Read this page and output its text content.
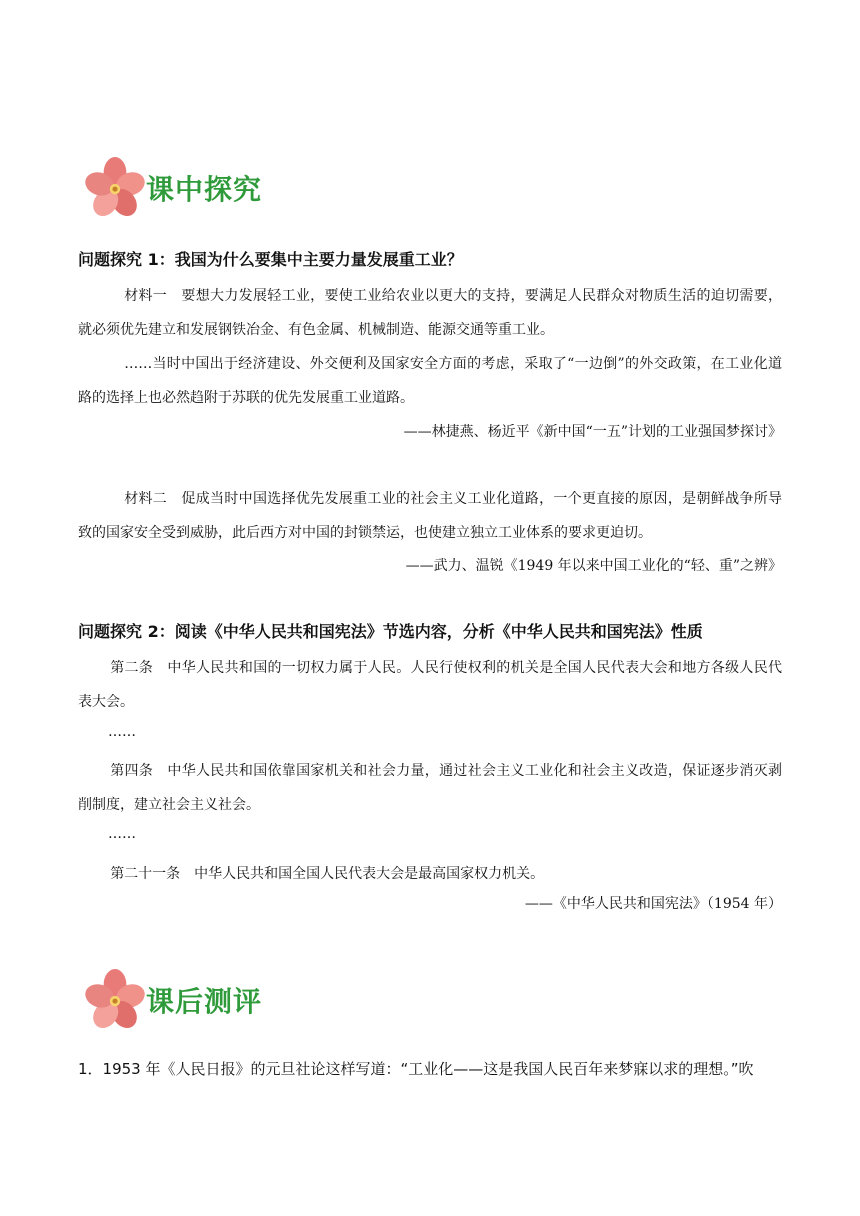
课中探究
问题探究 1：我国为什么要集中主要力量发展重工业？

材料一　要想大力发展轻工业，要使工业给农业以更大的支持，要满足人民群众对物质生活的迫切需要，就必须优先建立和发展钢铁冶金、有色金属、机械制造、能源交通等重工业。

……当时中国出于经济建设、外交便利及国家安全方面的考虑，采取了“一边倒”的外交政策，在工业化道路的选择上也必然趋附于苏联的优先发展重工业道路。

——林捷燕、杨近平《新中国“一五”计划的工业强国梦探讨》

材料二　促成当时中国选择优先发展重工业的社会主义工业化道路，一个更直接的原因，是朝鲜战争所导致的国家安全受到威胁，此后西方对中国的封锁禁运，也使建立独立工业体系的要求更迫切。

——武力、温锐《1949 年以来中国工业化的“轻、重”之辨》
问题探究 2：阅读《中华人民共和国宪法》节选内容，分析《中华人民共和国宪法》性质

第二条　中华人民共和国的一切权力属于人民。人民行使权利的机关是全国人民代表大会和地方各级人民代表大会。

……

第四条　中华人民共和国依靠国家机关和社会力量，通过社会主义工业化和社会主义改造，保证逐步消灭剥削制度，建立社会主义社会。

……

第二十一条　中华人民共和国全国人民代表大会是最高国家权力机关。

——《中华人民共和国宪法》（1954 年）
课后测评
1．1953 年《人民日报》的元旦社论这样写道：“工业化——这是我国人民百年来梦寐以求的理想。”吹
